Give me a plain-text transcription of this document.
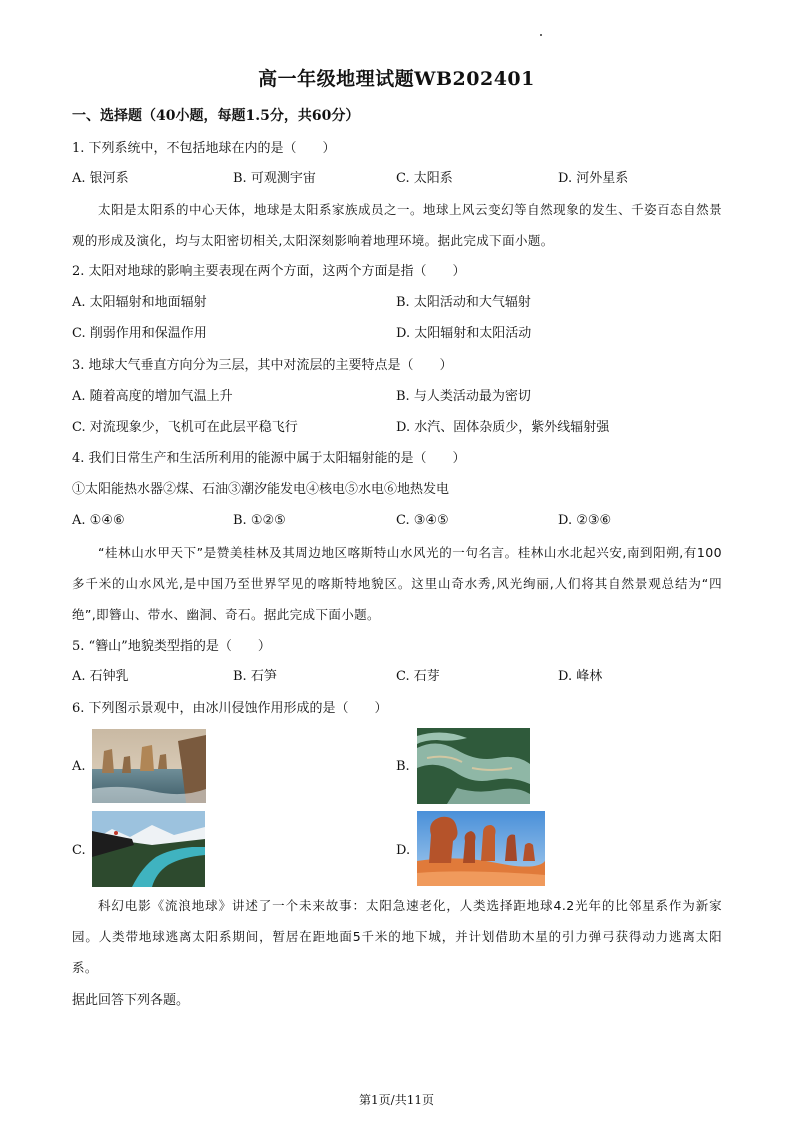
高一年级地理试题WB202401
一、选择题（40小题，每题1.5分，共60分）
1. 下列系统中，不包括地球在内的是（　　）
A. 银河系	B. 可观测宇宙	C. 太阳系	D. 河外星系
太阳是太阳系的中心天体，地球是太阳系家族成员之一。地球上风云变幻等自然现象的发生、千姿百态自然景观的形成及演化，均与太阳密切相关,太阳深刻影响着地理环境。据此完成下面小题。
2. 太阳对地球的影响主要表现在两个方面，这两个方面是指（　　）
A. 太阳辐射和地面辐射	B. 太阳活动和大气辐射
C. 削弱作用和保温作用	D. 太阳辐射和太阳活动
3. 地球大气垂直方向分为三层，其中对流层的主要特点是（　　）
A. 随着高度的增加气温上升	B. 与人类活动最为密切
C. 对流现象少，飞机可在此层平稳飞行	D. 水汽、固体杂质少，紫外线辐射强
4. 我们日常生产和生活所利用的能源中属于太阳辐射能的是（　　）
①太阳能热水器②煤、石油③潮汐能发电④核电⑤水电⑥地热发电
A. ①④⑥	B. ①②⑤	C. ③④⑤	D. ②③⑥
“桂林山水甲天下”是赞美桂林及其周边地区喀斯特山水风光的一句名言。桂林山水北起兴安,南到阳朔,有100多千米的山水风光,是中国乃至世界罕见的喀斯特地貌区。这里山奇水秀,风光绚丽,人们将其自然景观总结为“四绝”,即簪山、带水、幽洞、奇石。据此完成下面小题。
5. “簪山”地貌类型指的是（　　）
A. 石钟乳	B. 石笋	C. 石芽	D. 峰林
6. 下列图示景观中，由冰川侵蚀作用形成的是（　　）
A.	B.
C.	D.
科幻电影《流浪地球》讲述了一个未来故事：太阳急速老化，人类选择距地球4.2光年的比邻星系作为新家园。人类带地球逃离太阳系期间，暂居在距地面5千米的地下城，并计划借助木星的引力弹弓获得动力逃离太阳系。
据此回答下列各题。
第1页/共11页
